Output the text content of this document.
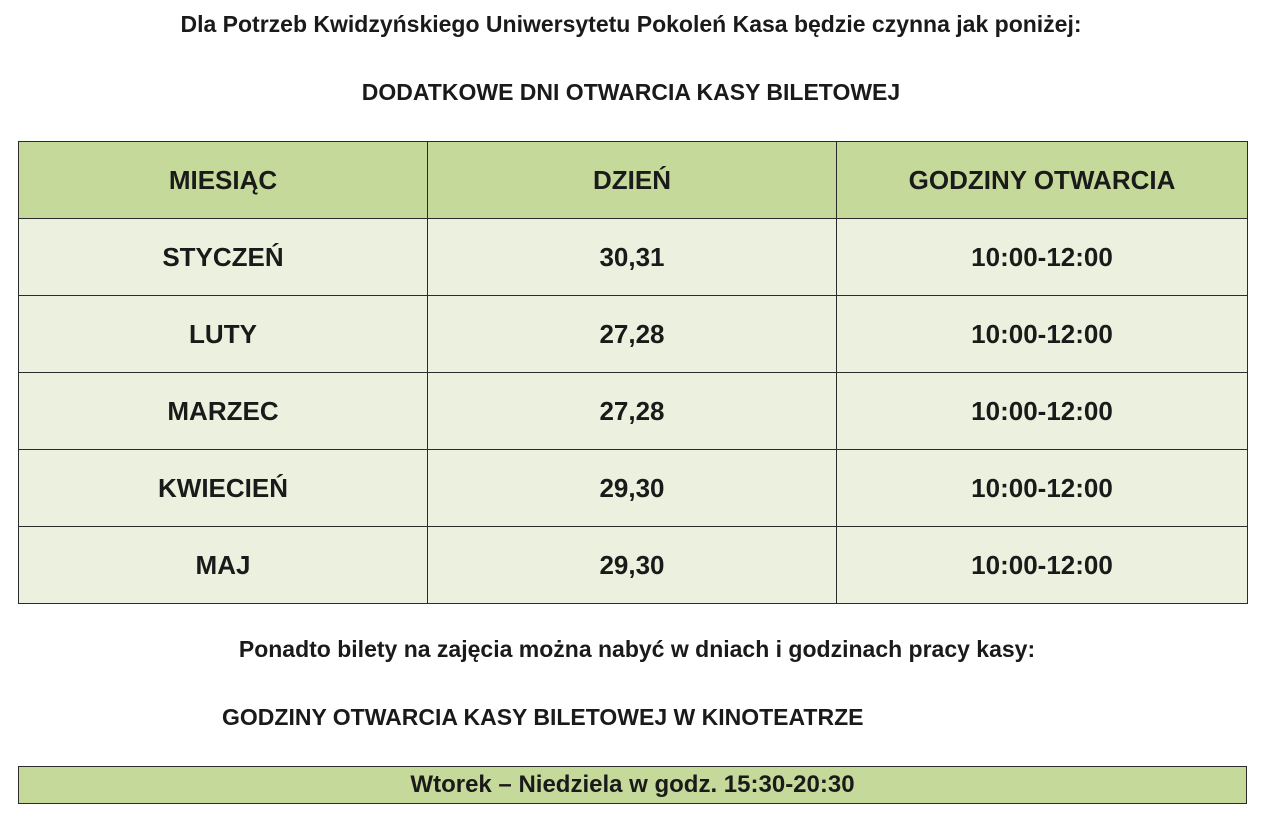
Dla Potrzeb Kwidzyńskiego Uniwersytetu Pokoleń Kasa będzie czynna jak poniżej:
DODATKOWE DNI OTWARCIA KASY BILETOWEJ
MIESIĄC	DZIEŃ	GODZINY OTWARCIA
STYCZEŃ	30,31	10:00-12:00
LUTY	27,28	10:00-12:00
MARZEC	27,28	10:00-12:00
KWIECIEŃ	29,30	10:00-12:00
MAJ	29,30	10:00-12:00
Ponadto bilety na zajęcia można nabyć w dniach i godzinach pracy kasy:
GODZINY OTWARCIA KASY BILETOWEJ W KINOTEATRZE
Wtorek – Niedziela w godz. 15:30-20:30
